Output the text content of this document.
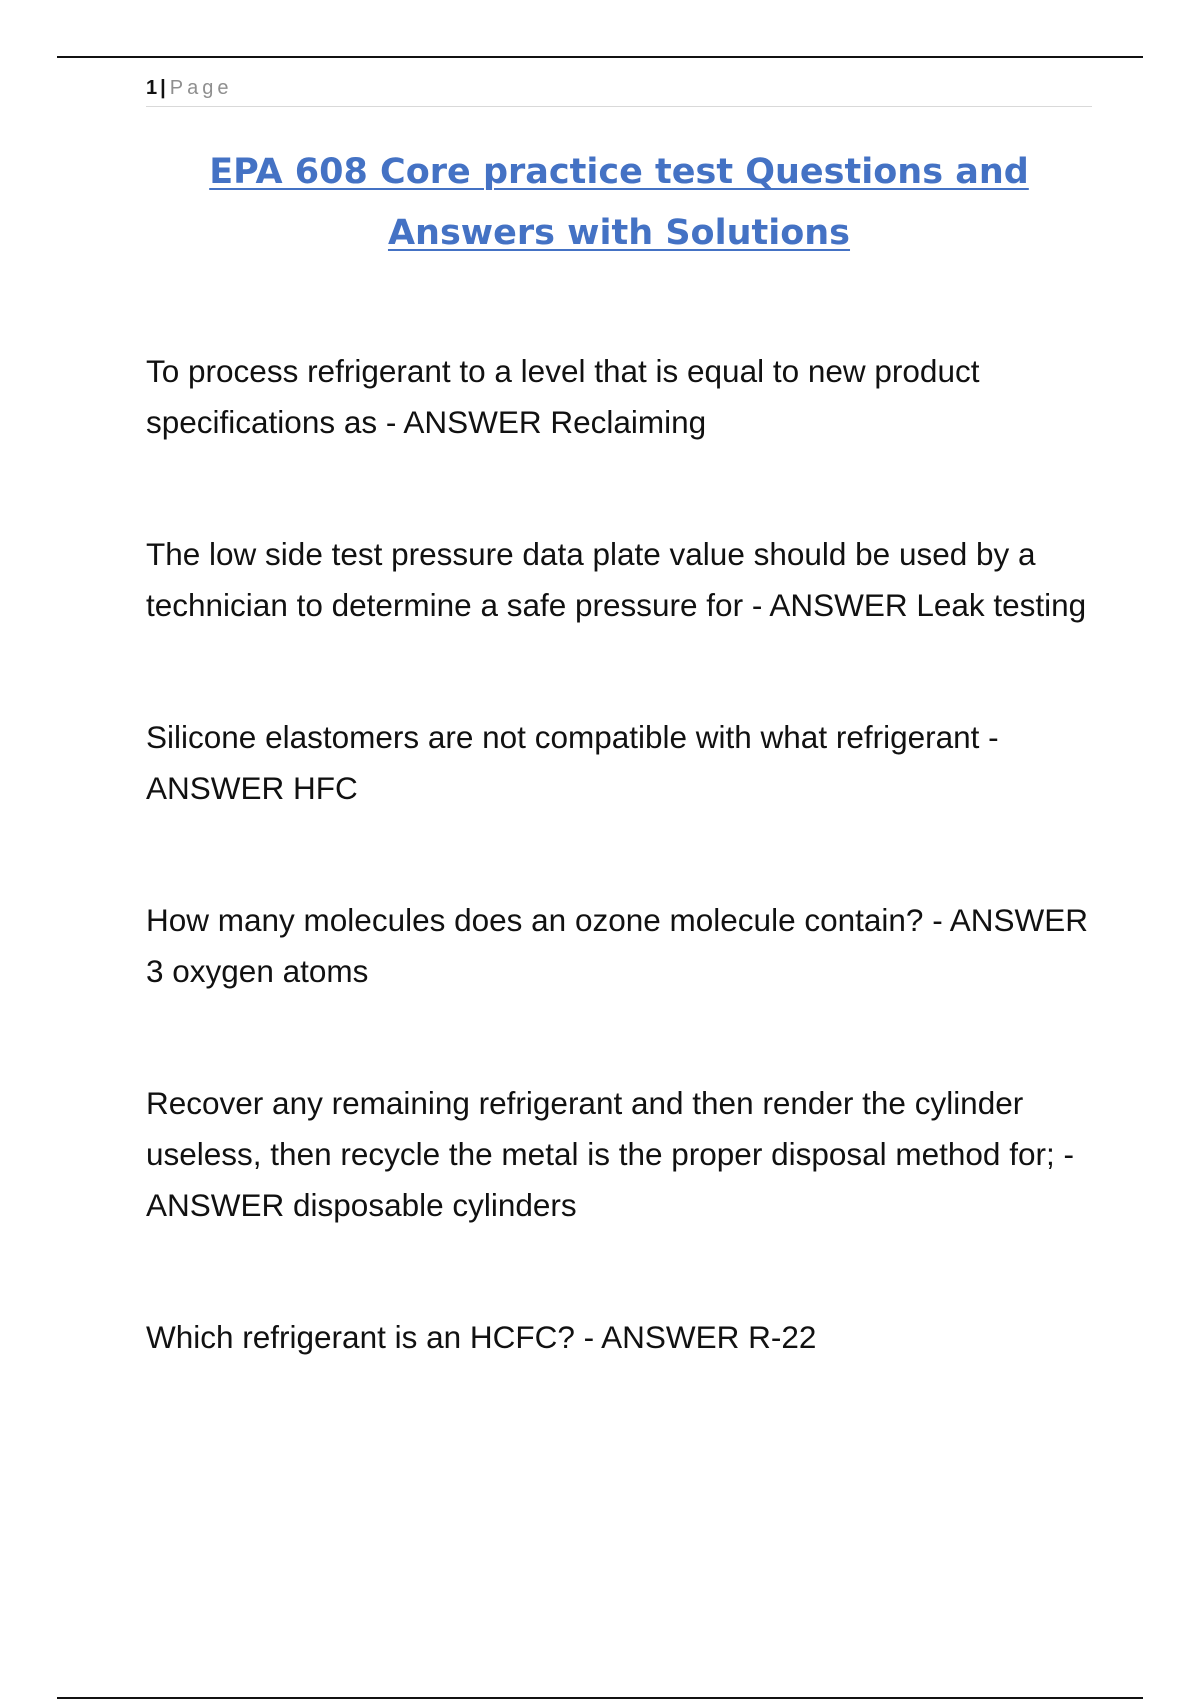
1 | Page
EPA 608 Core practice test Questions and
Answers with Solutions

To process refrigerant to a level that is equal to new product specifications as - ANSWER Reclaiming

The low side test pressure data plate value should be used by a technician to determine a safe pressure for - ANSWER Leak testing

Silicone elastomers are not compatible with what refrigerant - ANSWER HFC

How many molecules does an ozone molecule contain? - ANSWER 3 oxygen atoms

Recover any remaining refrigerant and then render the cylinder useless, then recycle the metal is the proper disposal method for; - ANSWER disposable cylinders

Which refrigerant is an HCFC? - ANSWER R-22
